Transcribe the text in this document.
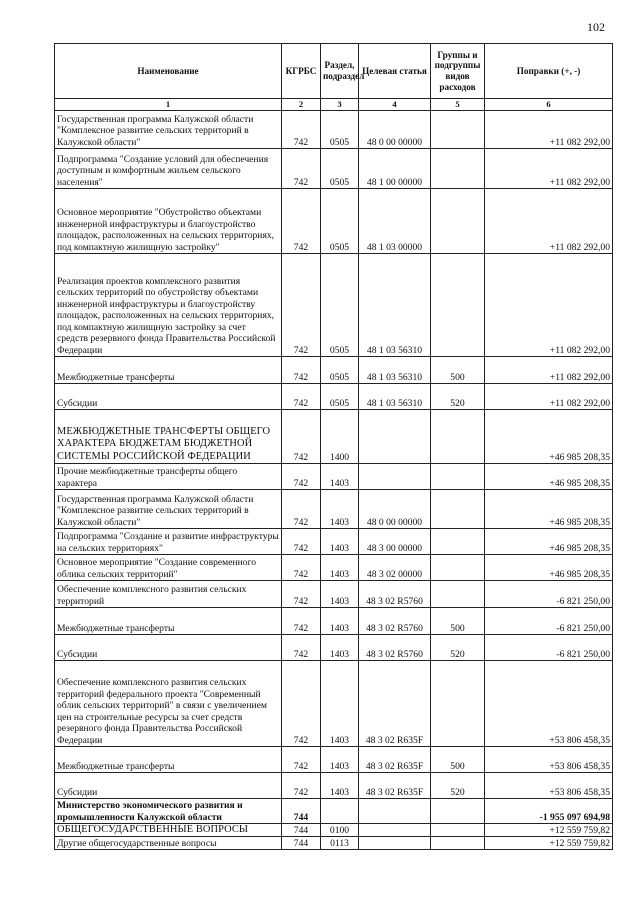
102
Наименование	КГРБС	Раздел, подраздел	Целевая статья	Группы и подгруппы видов расходов	Поправки (+, -)
1	2	3	4	5	6
Государственная программа Калужской области "Комплексное развитие сельских территорий в Калужской области"	742	0505	48 0 00 00000		+11 082 292,00
Подпрограмма "Создание условий для обеспечения доступным и комфортным жильем сельского населения"	742	0505	48 1 00 00000		+11 082 292,00
Основное мероприятие "Обустройство объектами инженерной инфраструктуры и благоустройство площадок, расположенных на сельских территориях, под компактную жилищную застройку"	742	0505	48 1 03 00000		+11 082 292,00
Реализация проектов комплексного развития сельских территорий по обустройству объектами инженерной инфраструктуры и благоустройству площадок, расположенных на сельских территориях, под компактную жилищную застройку за счет средств резервного фонда Правительства Российской Федерации	742	0505	48 1 03 56310		+11 082 292,00
Межбюджетные трансферты	742	0505	48 1 03 56310	500	+11 082 292,00
Субсидии	742	0505	48 1 03 56310	520	+11 082 292,00
МЕЖБЮДЖЕТНЫЕ ТРАНСФЕРТЫ ОБЩЕГО ХАРАКТЕРА БЮДЖЕТАМ БЮДЖЕТНОЙ СИСТЕМЫ РОССИЙСКОЙ ФЕДЕРАЦИИ	742	1400			+46 985 208,35
Прочие межбюджетные трансферты общего характера	742	1403			+46 985 208,35
Государственная программа Калужской области "Комплексное развитие сельских территорий в Калужской области"	742	1403	48 0 00 00000		+46 985 208,35
Подпрограмма "Создание и развитие инфраструктуры на сельских территориях"	742	1403	48 3 00 00000		+46 985 208,35
Основное мероприятие "Создание современного облика сельских территорий"	742	1403	48 3 02 00000		+46 985 208,35
Обеспечение комплексного развития сельских территорий	742	1403	48 3 02 R5760		-6 821 250,00
Межбюджетные трансферты	742	1403	48 3 02 R5760	500	-6 821 250,00
Субсидии	742	1403	48 3 02 R5760	520	-6 821 250,00
Обеспечение комплексного развития сельских территорий федерального проекта "Современный облик сельских территорий" в связи с увеличением цен на строительные ресурсы за счет средств резервного фонда Правительства Российской Федерации	742	1403	48 3 02 R635F		+53 806 458,35
Межбюджетные трансферты	742	1403	48 3 02 R635F	500	+53 806 458,35
Субсидии	742	1403	48 3 02 R635F	520	+53 806 458,35
Министерство экономического развития и промышленности Калужской области	744				-1 955 097 694,98
ОБЩЕГОСУДАРСТВЕННЫЕ ВОПРОСЫ	744	0100			+12 559 759,82
Другие общегосударственные вопросы	744	0113			+12 559 759,82
